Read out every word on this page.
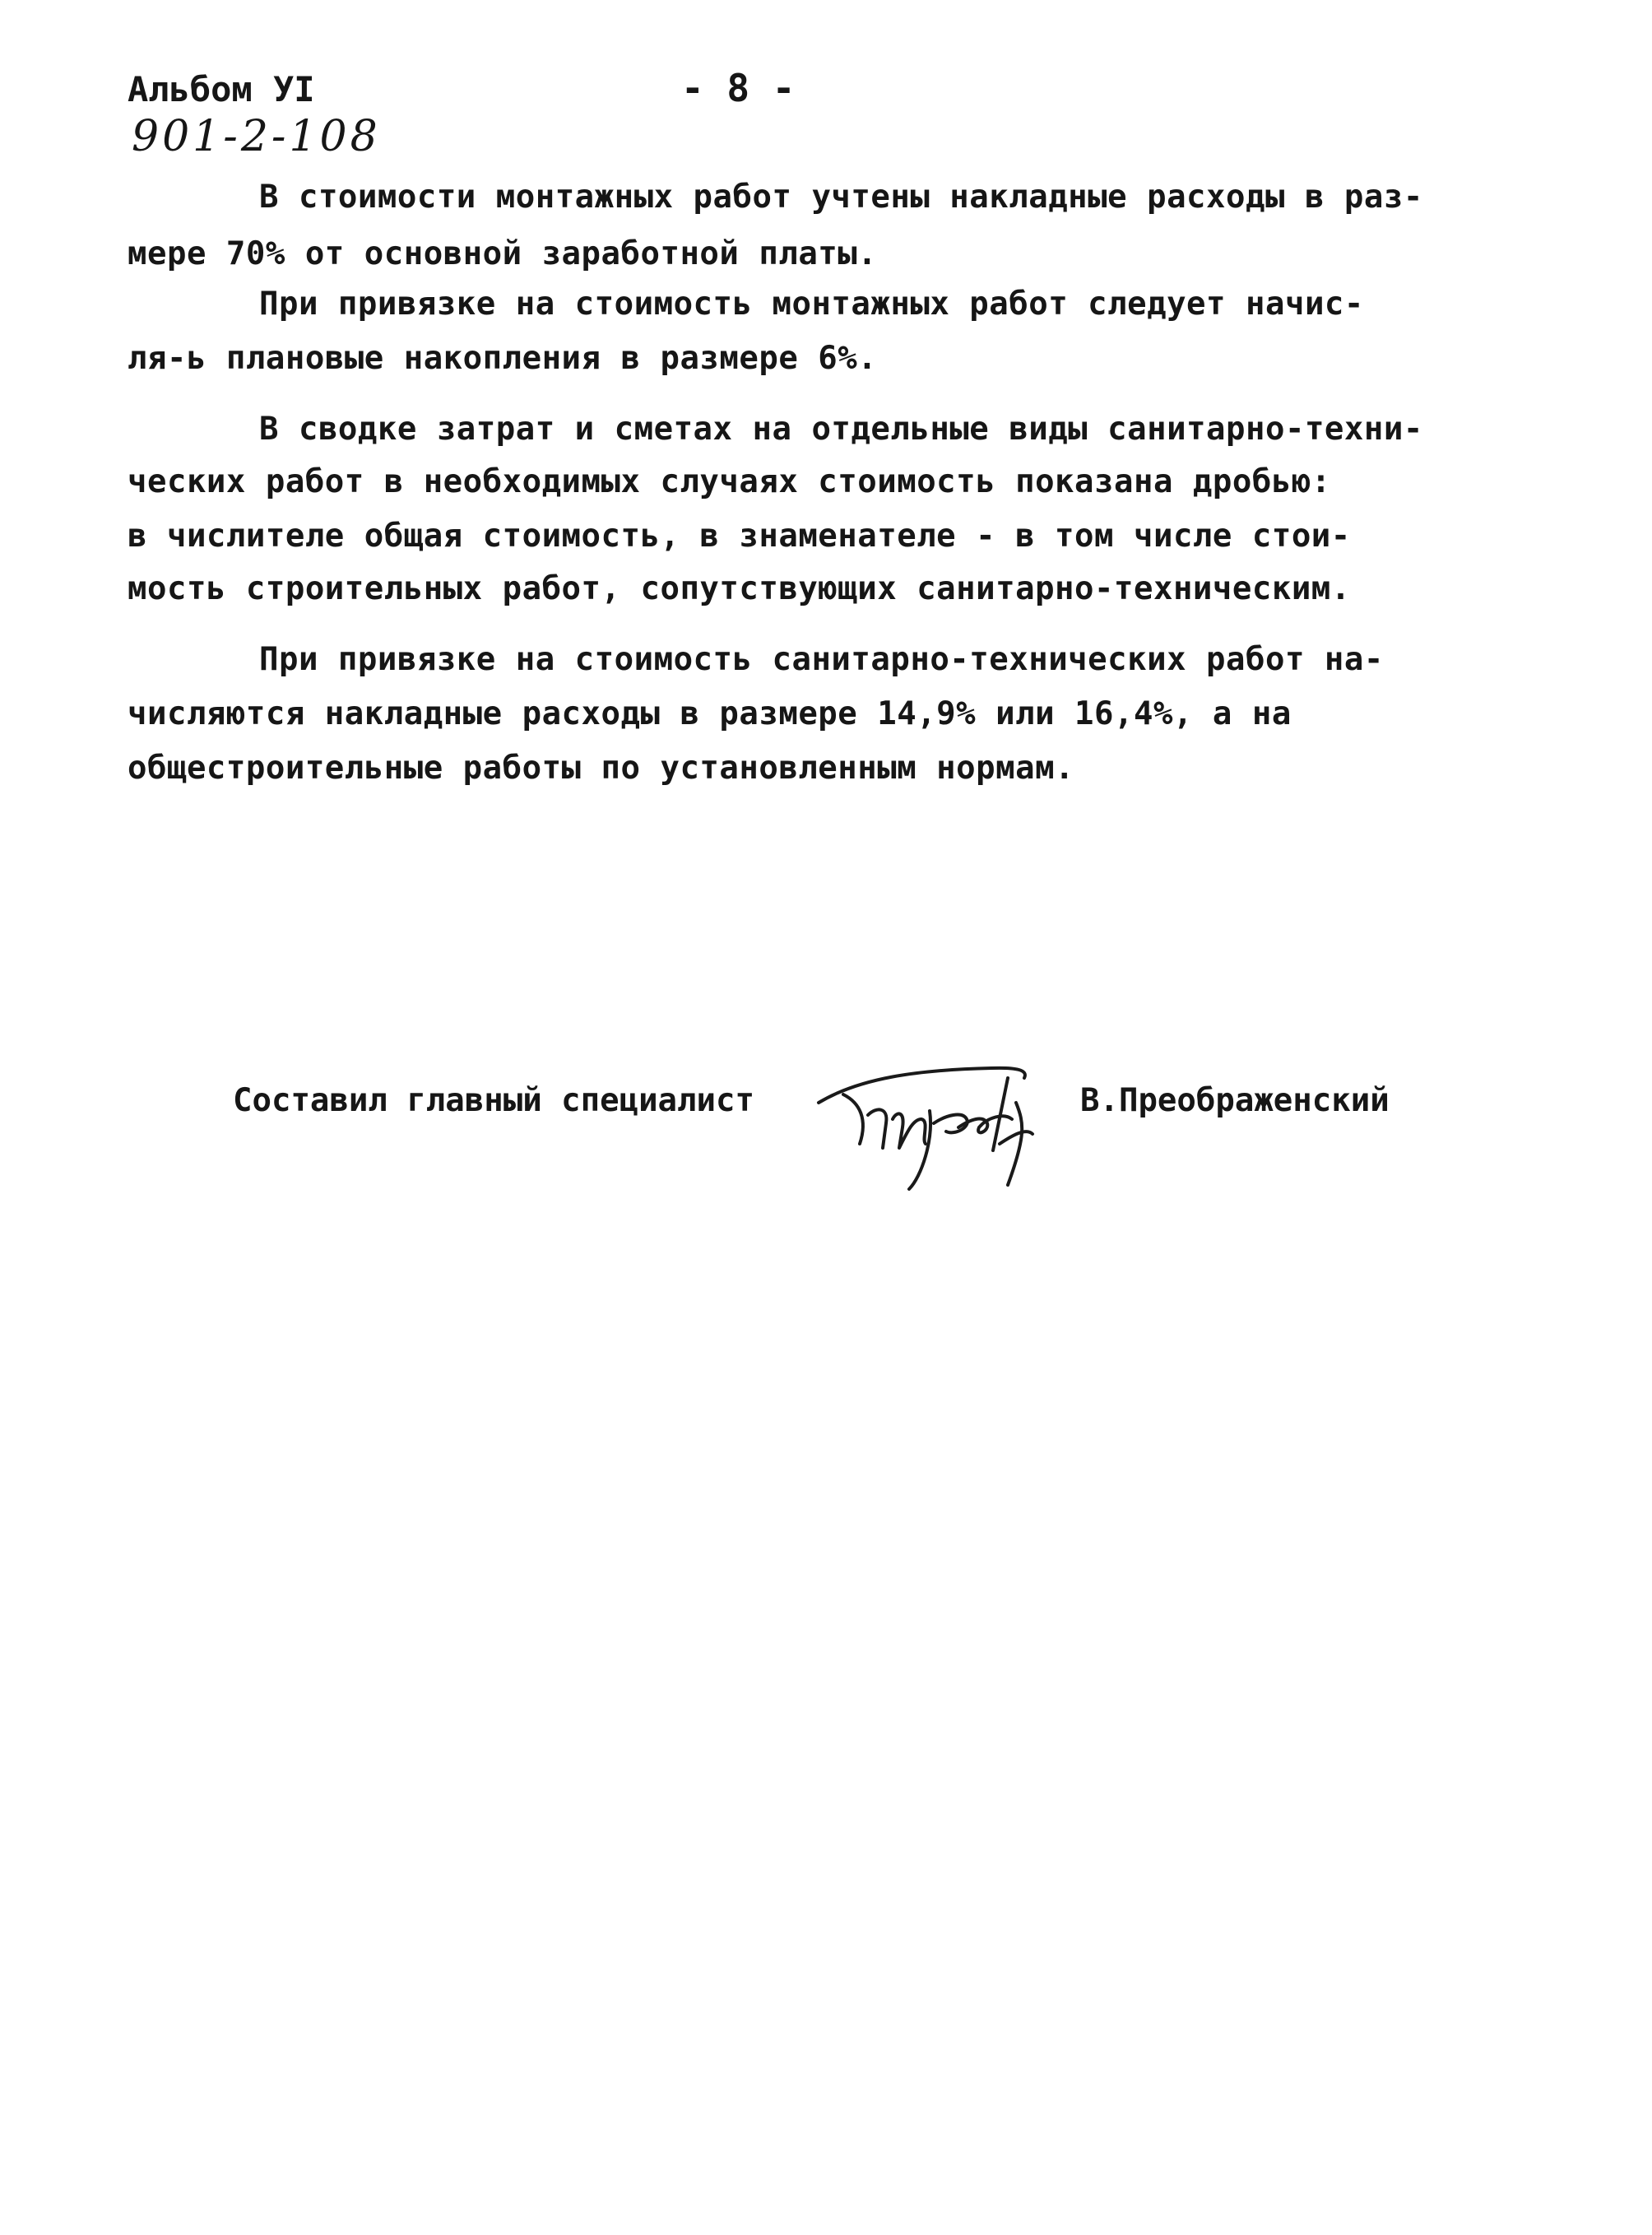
Альбом УI	- 8 -
901-2-108
В стоимости монтажных работ учтены накладные расходы в раз-
мере 70% от основной заработной платы.
При привязке на стоимость монтажных работ следует начис-
ля-ь плановые накопления в размере 6%.
В сводке затрат и сметах на отдельные виды санитарно-техни-
ческих работ в необходимых случаях стоимость показана дробью:
в числителе общая стоимость, в знаменателе - в том числе стои-
мость строительных работ, сопутствующих санитарно-техническим.
При привязке на стоимость санитарно-технических работ на-
числяются накладные расходы в размере 14,9% или 16,4%, а на
общестроительные работы по установленным нормам.
Составил главный специалист	В.Преображенский
